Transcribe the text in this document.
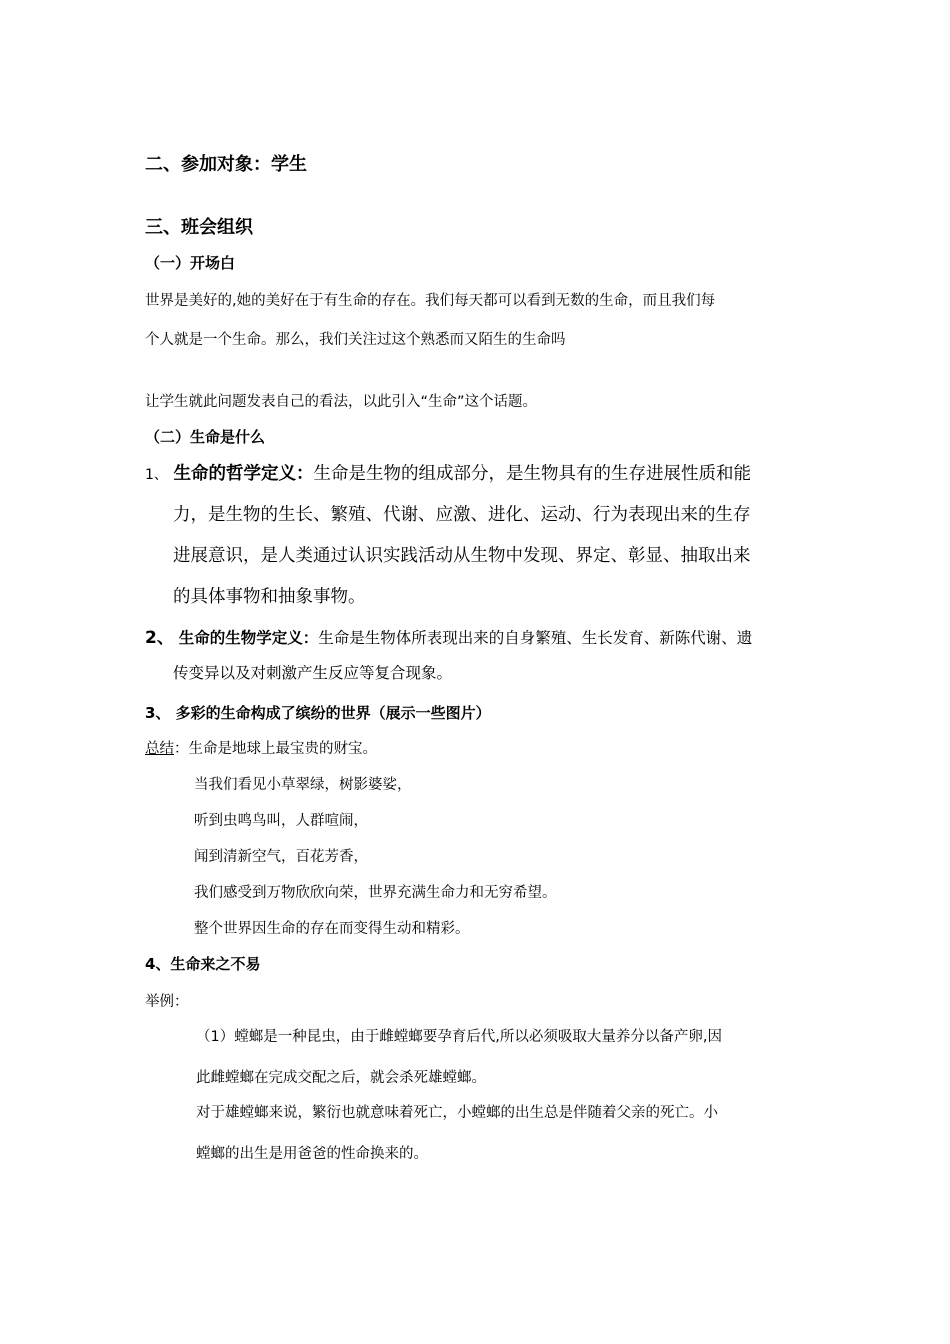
二、参加对象：学生
三、班会组织
（一）开场白
世界是美好的,她的美好在于有生命的存在。我们每天都可以看到无数的生命，而且我们每
个人就是一个生命。那么，我们关注过这个熟悉而又陌生的生命吗
让学生就此问题发表自己的看法，以此引入“生命”这个话题。
（二）生命是什么
1、 生命的哲学定义：生命是生物的组成部分，是生物具有的生存进展性质和能
力，是生物的生长、繁殖、代谢、应激、进化、运动、行为表现出来的生存
进展意识，是人类通过认识实践活动从生物中发现、界定、彰显、抽取出来
的具体事物和抽象事物。
2、 生命的生物学定义：生命是生物体所表现出来的自身繁殖、生长发育、新陈代谢、遗
传变异以及对刺激产生反应等复合现象。
3、 多彩的生命构成了缤纷的世界（展示一些图片）
总结：生命是地球上最宝贵的财宝。
当我们看见小草翠绿，树影婆娑，
听到虫鸣鸟叫，人群喧闹，
闻到清新空气，百花芳香，
我们感受到万物欣欣向荣，世界充满生命力和无穷希望。
整个世界因生命的存在而变得生动和精彩。
4、生命来之不易
举例：
（1）螳螂是一种昆虫，由于雌螳螂要孕育后代,所以必须吸取大量养分以备产卵,因
此雌螳螂在完成交配之后，就会杀死雄螳螂。
对于雄螳螂来说，繁衍也就意味着死亡，小螳螂的出生总是伴随着父亲的死亡。小
螳螂的出生是用爸爸的性命换来的。
